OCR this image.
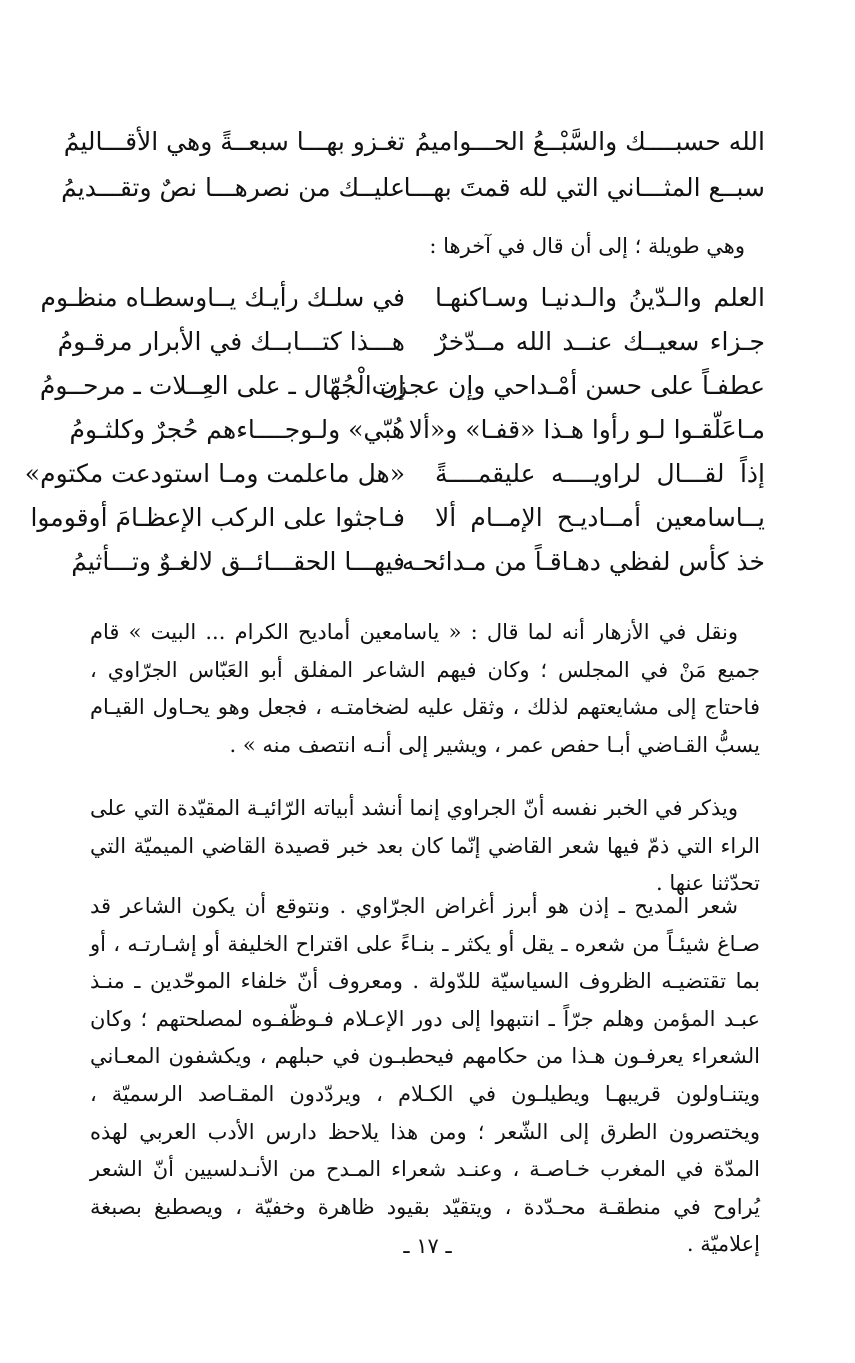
الله حسبــــك والسَّبْــعُ الحـــواميمُ
تغـزو بهـــا سبعــةً وهي الأقـــاليمُ
سبــع المثـــاني التي لله قمتَ بهـــا
عليــك من نصرهـــا نصٌ وتقـــديمُ
وهي طويلة ؛ إلى أن قال في آخرها :
العلم والـدّينُ والـدنيـا وسـاكنهـا
في سلـك رأيـك يــاوسطـاه منظـوم
جـزاء سعيــك عنــد الله مــدّخرٌ
هـــذا كتـــابــك في الأبرار مرقـومُ
عطفـاً على حسن أمْـداحي وإن عجزت
إن الْجُهّال ـ على العِــلات ـ مرحــومُ
مـاعَلّقـوا لـو رأوا هـذا «قفـا» و«ألا
هُبّي» ولـوجــــاءهم حُجرٌ وكلثـومُ
إذاً لقـــال لراويــــه عليقمــــةً
«هل ماعلمت ومـا استودعت مكتوم»
يــاسامعين أمــاديـح الإمــام ألا
فـاجثوا على الركب الإعظـامَ أوقوموا
خذ كأس لفظي دهـاقـاً من مـدائحـه
فيهـــا الحقـــائــق لالغـوٌ وتـــأثيمُ

ونقل في الأزهار أنه لما قال : « ياسامعين أماديح الكرام ... البيت » قام جميع مَنْ في المجلس ؛ وكان فيهم الشاعر المفلق أبو العَبّاس الجرّاوي ، فاحتاج إلى مشايعتهم لذلك ، وثقل عليه لضخامتـه ، فجعل وهو يحـاول القيـام يسبُّ القـاضي أبـا حفص عمر ، ويشير إلى أنـه انتصف منه » .

ويذكر في الخبر نفسه أنّ الجراوي إنما أنشد أبياته الرّائيـة المقيّدة التي على الراء التي ذمّ فيها شعر القاضي إنّما كان بعد خبر قصيدة القاضي الميميّة التي تحدّثنا عنها .

شعر المديح ـ إذن هو أبرز أغراض الجرّاوي . ونتوقع أن يكون الشاعر قد صـاغ شيئـاً من شعره ـ يقل أو يكثر ـ بنـاءً على اقتراح الخليفة أو إشـارتـه ، أو بما تقتضيـه الظروف السياسيّة للدّولة . ومعروف أنّ خلفاء الموحّدين ـ منـذ عبـد المؤمن وهلم جرّاً ـ انتبهوا إلى دور الإعـلام فـوظّفـوه لمصلحتهم ؛ وكان الشعراء يعرفـون هـذا من حكامهم فيحطبـون في حبلهم ، ويكشفون المعـاني ويتنـاولون قريبهـا ويطيلـون في الكـلام ، ويردّدون المقـاصد الرسميّة ، ويختصرون الطرق إلى الشّعر ؛ ومن هذا يلاحظ دارس الأدب العربي لهذه المدّة في المغرب خـاصـة ، وعنـد شعراء المـدح من الأنـدلسيين أنّ الشعر يُراوح في منطقـة محـدّدة ، ويتقيّد بقيود ظاهرة وخفيّة ، ويصطبغ بصبغة إعلاميّة .

ـ ١٧ ـ
